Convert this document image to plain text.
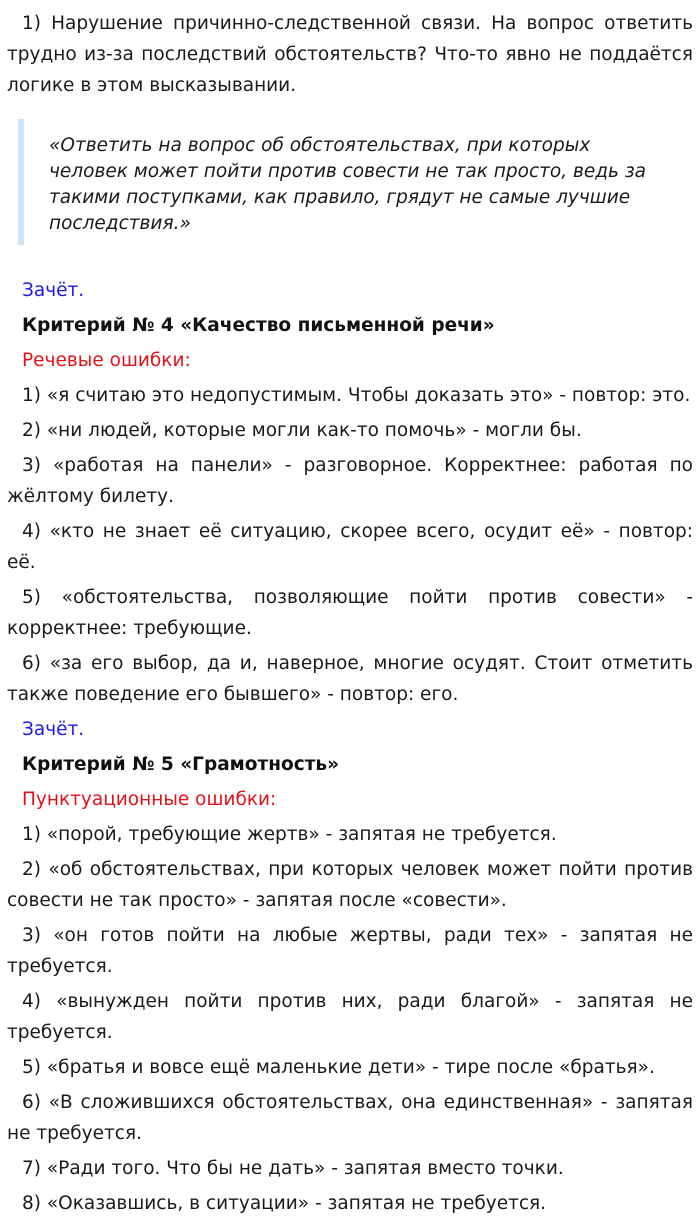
1) Нарушение причинно-следственной связи. На вопрос ответить трудно из-за последствий обстоятельств? Что-то явно не поддаётся логике в этом высказывании.

«Ответить на вопрос об обстоятельствах, при которых человек может пойти против совести не так просто, ведь за такими поступками, как правило, грядут не самые лучшие последствия.»

Зачёт.

Критерий № 4 «Качество письменной речи»

Речевые ошибки:

1) «я считаю это недопустимым. Чтобы доказать это» - повтор: это.

2) «ни людей, которые могли как-то помочь» - могли бы.

3) «работая на панели» - разговорное. Корректнее: работая по жёлтому билету.

4) «кто не знает её ситуацию, скорее всего, осудит её» - повтор: её.

5) «обстоятельства, позволяющие пойти против совести» - корректнее: требующие.

6) «за его выбор, да и, наверное, многие осудят. Стоит отметить также поведение его бывшего» - повтор: его.

Зачёт.

Критерий № 5 «Грамотность»

Пунктуационные ошибки:

1) «порой, требующие жертв» - запятая не требуется.

2) «об обстоятельствах, при которых человек может пойти против совести не так просто» - запятая после «совести».

3) «он готов пойти на любые жертвы, ради тех» - запятая не требуется.

4) «вынужден пойти против них, ради благой» - запятая не требуется.

5) «братья и вовсе ещё маленькие дети» - тире после «братья».

6) «В сложившихся обстоятельствах, она единственная» - запятая не требуется.

7) «Ради того. Что бы не дать» - запятая вместо точки.

8) «Оказавшись, в ситуации» - запятая не требуется.
